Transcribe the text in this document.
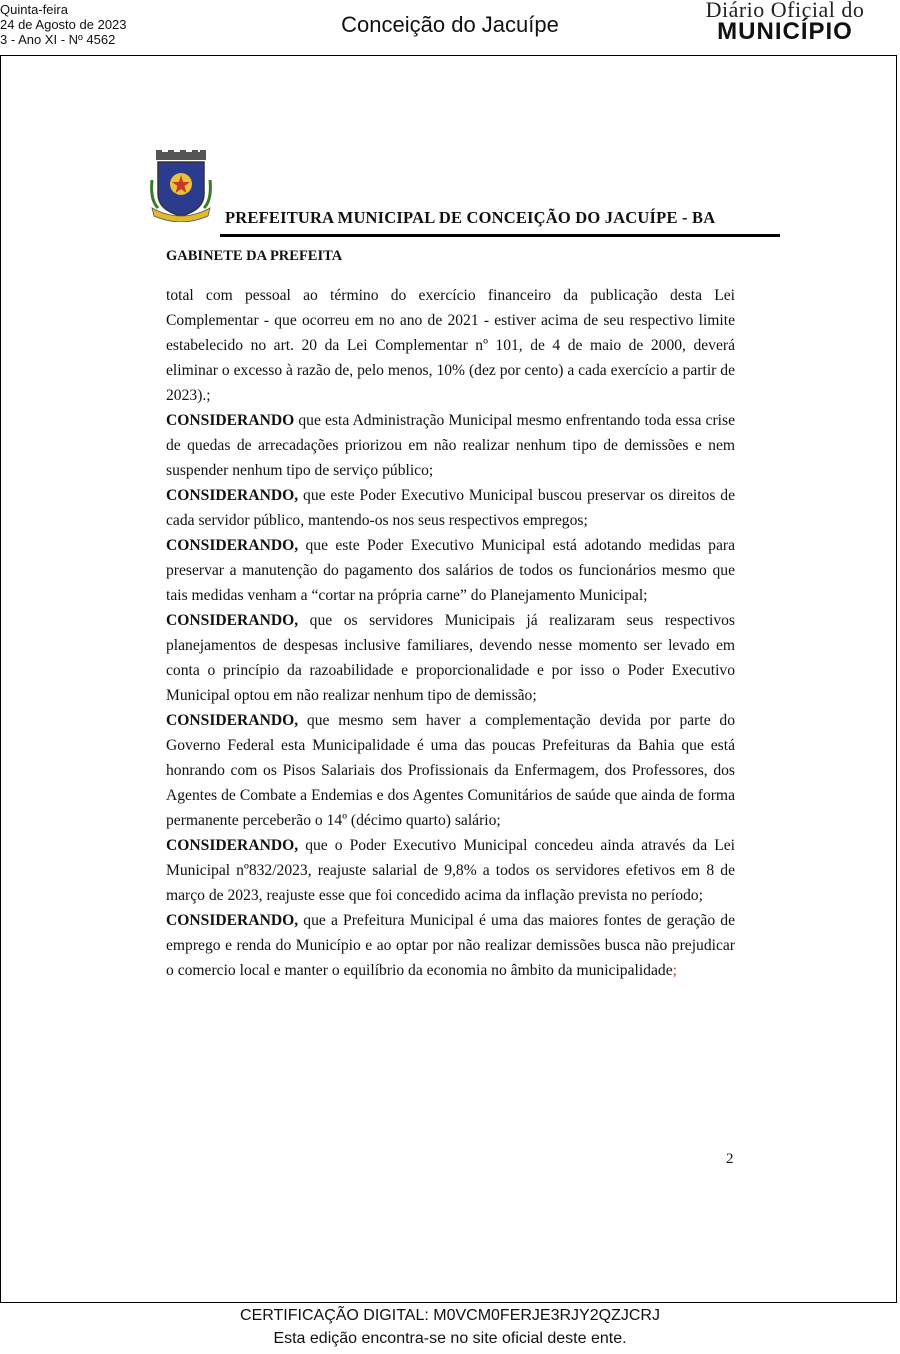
Quinta-feira
24 de Agosto de 2023
3 - Ano XI - Nº 4562
Conceição do Jacuípe
Diário Oficial do
MUNICÍPIO
PREFEITURA MUNICIPAL DE CONCEIÇÃO DO JACUÍPE - BA
GABINETE DA PREFEITA

total com pessoal ao término do exercício financeiro da publicação desta Lei Complementar - que ocorreu em no ano de 2021 - estiver acima de seu respectivo limite estabelecido no art. 20 da Lei Complementar nº 101, de 4 de maio de 2000, deverá eliminar o excesso à razão de, pelo menos, 10% (dez por cento) a cada exercício a partir de 2023).;

CONSIDERANDO que esta Administração Municipal mesmo enfrentando toda essa crise de quedas de arrecadações priorizou em não realizar nenhum tipo de demissões e nem suspender nenhum tipo de serviço público;

CONSIDERANDO, que este Poder Executivo Municipal buscou preservar os direitos de cada servidor público, mantendo-os nos seus respectivos empregos;

CONSIDERANDO, que este Poder Executivo Municipal está adotando medidas para preservar a manutenção do pagamento dos salários de todos os funcionários mesmo que tais medidas venham a “cortar na própria carne” do Planejamento Municipal;

CONSIDERANDO, que os servidores Municipais já realizaram seus respectivos planejamentos de despesas inclusive familiares, devendo nesse momento ser levado em conta o princípio da razoabilidade e proporcionalidade e por isso o Poder Executivo Municipal optou em não realizar nenhum tipo de demissão;

CONSIDERANDO, que mesmo sem haver a complementação devida por parte do Governo Federal esta Municipalidade é uma das poucas Prefeituras da Bahia que está honrando com os Pisos Salariais dos Profissionais da Enfermagem, dos Professores, dos Agentes de Combate a Endemias e dos Agentes Comunitários de saúde que ainda de forma permanente perceberão o 14º (décimo quarto) salário;

CONSIDERANDO, que o Poder Executivo Municipal concedeu ainda através da Lei Municipal nº832/2023, reajuste salarial de 9,8% a todos os servidores efetivos em 8 de março de 2023, reajuste esse que foi concedido acima da inflação prevista no período;

CONSIDERANDO, que a Prefeitura Municipal é uma das maiores fontes de geração de emprego e renda do Município e ao optar por não realizar demissões busca não prejudicar o comercio local e manter o equilíbrio da economia no âmbito da municipalidade;

2
CERTIFICAÇÃO DIGITAL: M0VCM0FERJE3RJY2QZJCRJ
Esta edição encontra-se no site oficial deste ente.
